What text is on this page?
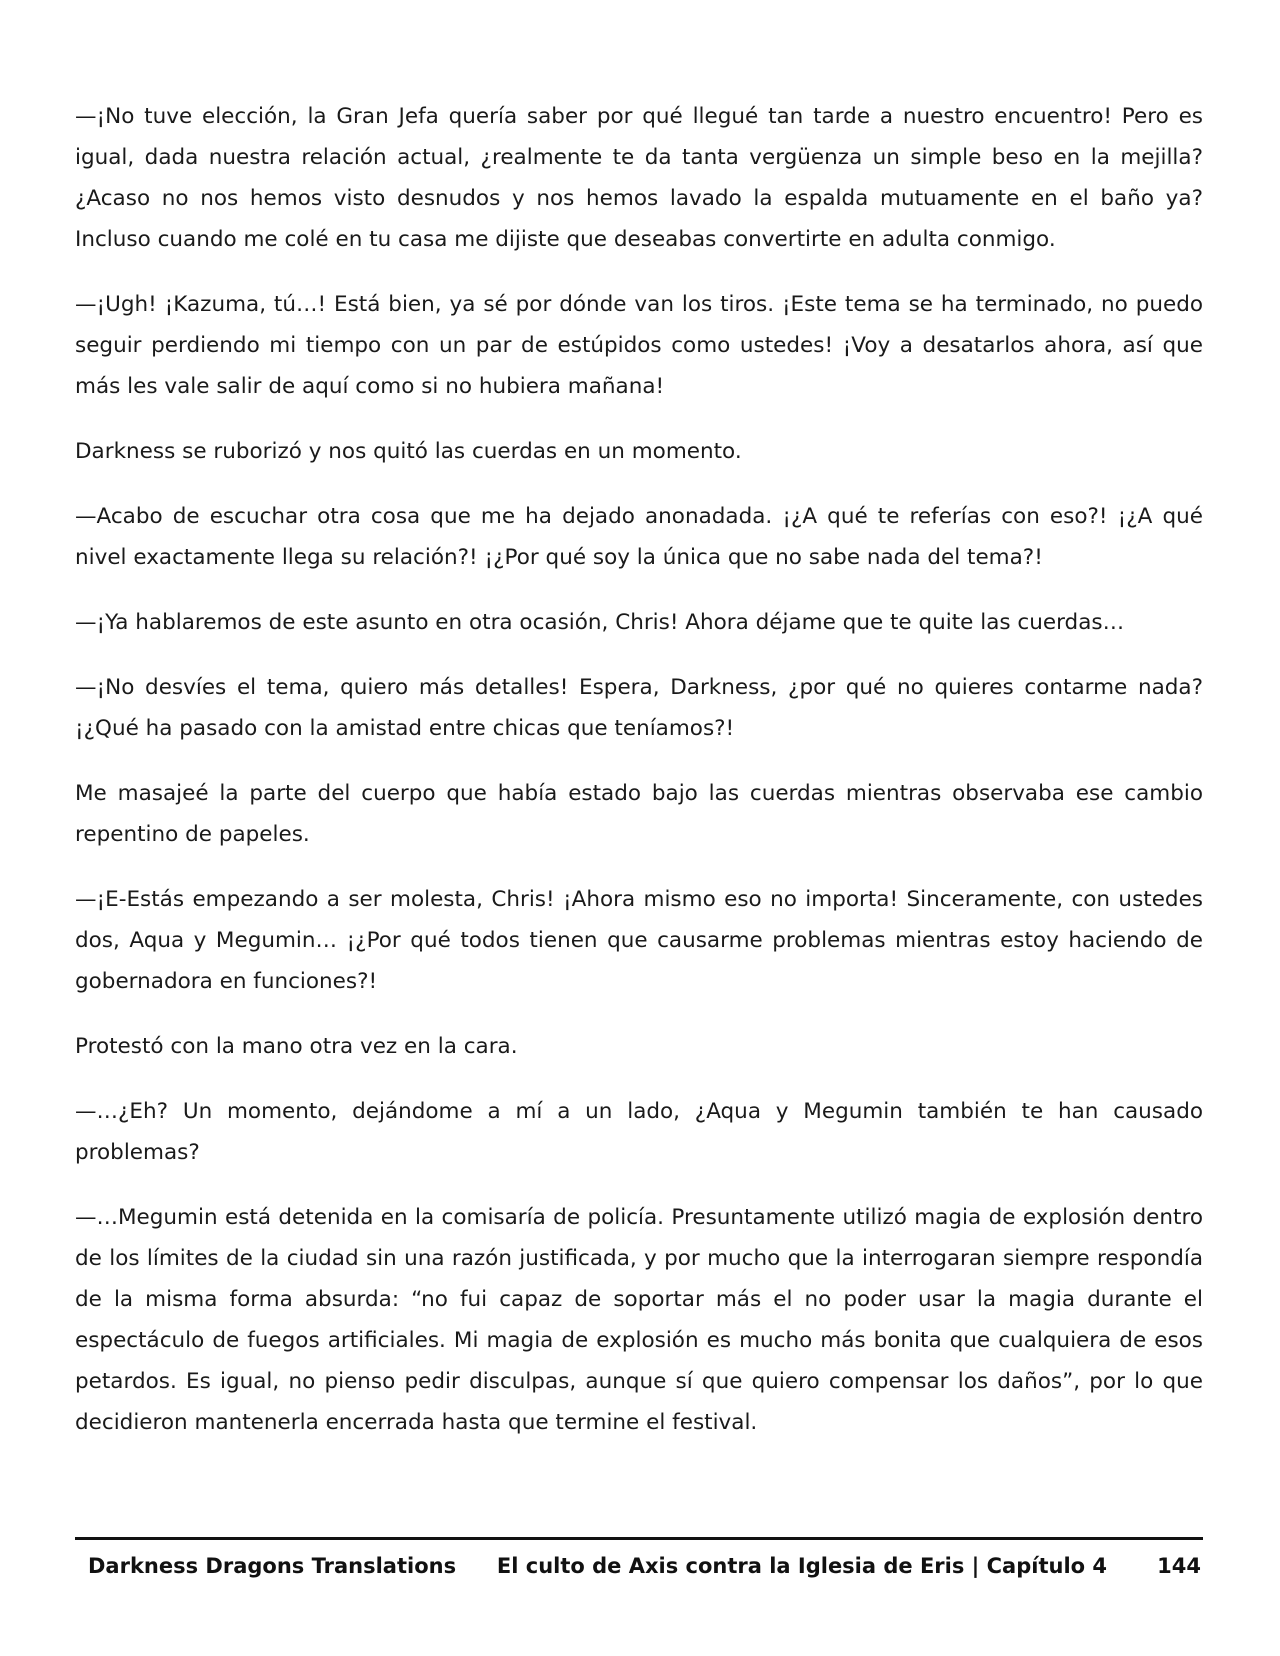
—¡No tuve elección, la Gran Jefa quería saber por qué llegué tan tarde a nuestro encuentro! Pero es igual, dada nuestra relación actual, ¿realmente te da tanta vergüenza un simple beso en la mejilla? ¿Acaso no nos hemos visto desnudos y nos hemos lavado la espalda mutuamente en el baño ya? Incluso cuando me colé en tu casa me dijiste que deseabas convertirte en adulta conmigo.

—¡Ugh! ¡Kazuma, tú…! Está bien, ya sé por dónde van los tiros. ¡Este tema se ha terminado, no puedo seguir perdiendo mi tiempo con un par de estúpidos como ustedes! ¡Voy a desatarlos ahora, así que más les vale salir de aquí como si no hubiera mañana!

Darkness se ruborizó y nos quitó las cuerdas en un momento.

—Acabo de escuchar otra cosa que me ha dejado anonadada. ¡¿A qué te referías con eso?! ¡¿A qué nivel exactamente llega su relación?! ¡¿Por qué soy la única que no sabe nada del tema?!

—¡Ya hablaremos de este asunto en otra ocasión, Chris! Ahora déjame que te quite las cuerdas…

—¡No desvíes el tema, quiero más detalles! Espera, Darkness, ¿por qué no quieres contarme nada? ¡¿Qué ha pasado con la amistad entre chicas que teníamos?!

Me masajeé la parte del cuerpo que había estado bajo las cuerdas mientras observaba ese cambio repentino de papeles.

—¡E-Estás empezando a ser molesta, Chris! ¡Ahora mismo eso no importa! Sinceramente, con ustedes dos, Aqua y Megumin… ¡¿Por qué todos tienen que causarme problemas mientras estoy haciendo de gobernadora en funciones?!

Protestó con la mano otra vez en la cara.

—…¿Eh? Un momento, dejándome a mí a un lado, ¿Aqua y Megumin también te han causado problemas?

—…Megumin está detenida en la comisaría de policía. Presuntamente utilizó magia de explosión dentro de los límites de la ciudad sin una razón justificada, y por mucho que la interrogaran siempre respondía de la misma forma absurda: “no fui capaz de soportar más el no poder usar la magia durante el espectáculo de fuegos artificiales. Mi magia de explosión es mucho más bonita que cualquiera de esos petardos. Es igual, no pienso pedir disculpas, aunque sí que quiero compensar los daños”, por lo que decidieron mantenerla encerrada hasta que termine el festival.

Darkness Dragons Translations El culto de Axis contra la Iglesia de Eris | Capítulo 4 144
